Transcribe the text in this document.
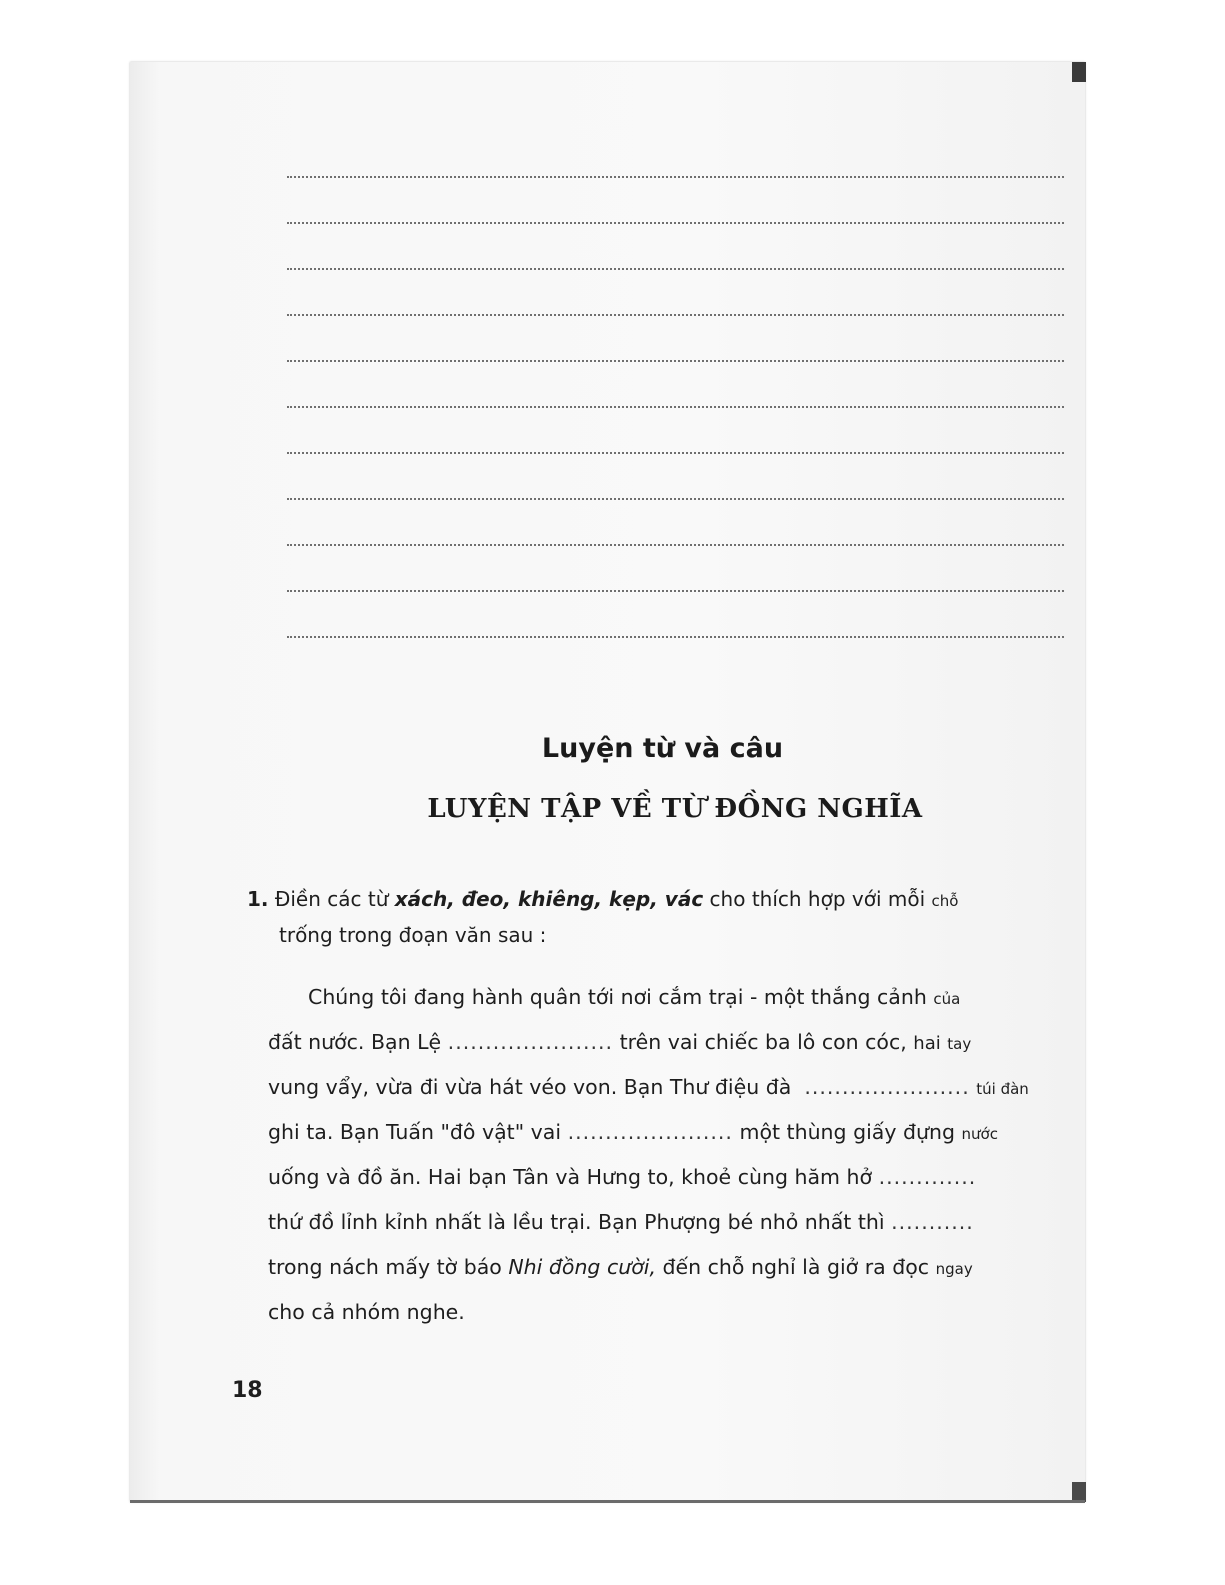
Luyện từ và câu
LUYỆN TẬP VỀ TỪ ĐỒNG NGHĨA
1. Điền các từ xách, đeo, khiêng, kẹp, vác cho thích hợp với mỗi chỗ
trống trong đoạn văn sau :
Chúng tôi đang hành quân tới nơi cắm trại - một thắng cảnh của
đất nước. Bạn Lệ ...................... trên vai chiếc ba lô con cóc, hai tay
vung vẩy, vừa đi vừa hát véo von. Bạn Thư điệu đà ...................... túi đàn
ghi ta. Bạn Tuấn "đô vật" vai ...................... một thùng giấy đựng nước
uống và đồ ăn. Hai bạn Tân và Hưng to, khoẻ cùng hăm hở .............
thứ đồ lỉnh kỉnh nhất là lều trại. Bạn Phượng bé nhỏ nhất thì ...........
trong nách mấy tờ báo Nhi đồng cười, đến chỗ nghỉ là giở ra đọc ngay
cho cả nhóm nghe.
18
